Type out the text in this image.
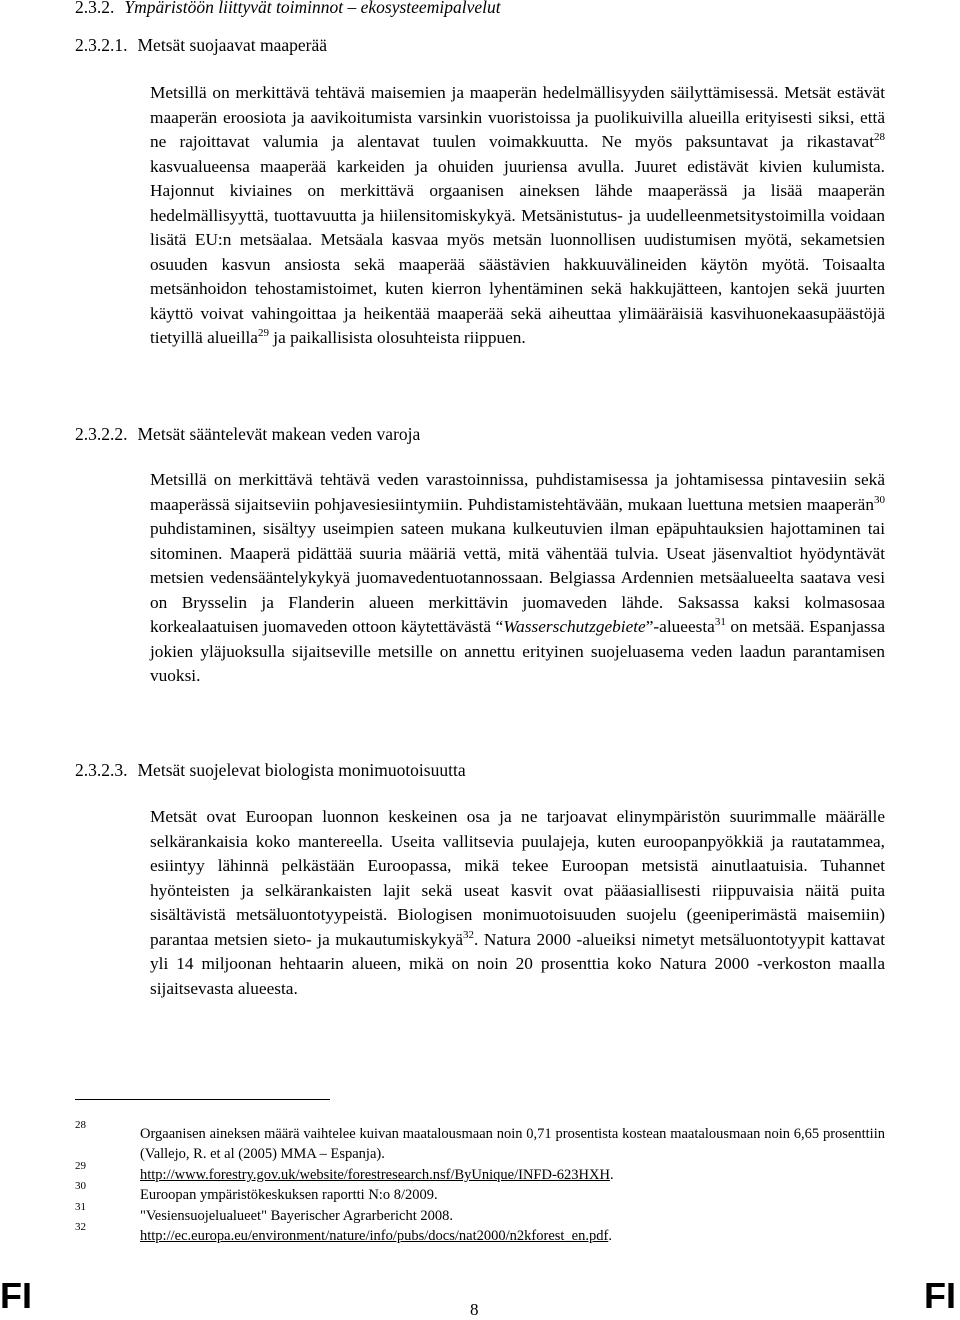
2.3.2. Ympäristöön liittyvät toiminnot – ekosysteemipalvelut
2.3.2.1. Metsät suojaavat maaperää

Metsillä on merkittävä tehtävä maisemien ja maaperän hedelmällisyyden säilyttämisessä. Metsät estävät maaperän eroosiota ja aavikoitumista varsinkin vuoristoissa ja puolikuivilla alueilla erityisesti siksi, että ne rajoittavat valumia ja alentavat tuulen voimakkuutta. Ne myös paksuntavat ja rikastavat$^{28}$ kasvualueensa maaperää karkeiden ja ohuiden juuriensa avulla. Juuret edistävät kivien kulumista. Hajonnut kiviaines on merkittävä orgaanisen aineksen lähde maaperässä ja lisää maaperän hedelmällisyyttä, tuottavuutta ja hiilensitomiskykyä. Metsänistutus- ja uudelleenmetsitystoimilla voidaan lisätä EU:n metsäalaa. Metsäala kasvaa myös metsän luonnollisen uudistumisen myötä, sekametsien osuuden kasvun ansiosta sekä maaperää säästävien hakkuuvälineiden käytön myötä. Toisaalta metsänhoidon tehostamistoimet, kuten kierron lyhentäminen sekä hakkujätteen, kantojen sekä juurten käyttö voivat vahingoittaa ja heikentää maaperää sekä aiheuttaa ylimääräisiä kasvihuonekaasupäästöjä tietyillä alueilla$^{29}$ ja paikallisista olosuhteista riippuen.

2.3.2.2. Metsät sääntelevät makean veden varoja

Metsillä on merkittävä tehtävä veden varastoinnissa, puhdistamisessa ja johtamisessa pintavesiin sekä maaperässä sijaitseviin pohjavesiesiintymiin. Puhdistamistehtävään, mukaan luettuna metsien maaperän$^{30}$ puhdistaminen, sisältyy useimpien sateen mukana kulkeutuvien ilman epäpuhtauksien hajottaminen tai sitominen. Maaperä pidättää suuria määriä vettä, mitä vähentää tulvia. Useat jäsenvaltiot hyödyntävät metsien vedensääntelykykyä juomavedentuotannossaan. Belgiassa Ardennien metsäalueelta saatava vesi on Brysselin ja Flanderin alueen merkittävin juomaveden lähde. Saksassa kaksi kolmasosaa korkealaatuisen juomaveden ottoon käytettävästä “Wasserschutzgebiete”-alueesta$^{31}$ on metsää. Espanjassa jokien yläjuoksulla sijaitseville metsille on annettu erityinen suojeluasema veden laadun parantamisen vuoksi.

2.3.2.3. Metsät suojelevat biologista monimuotoisuutta

Metsät ovat Euroopan luonnon keskeinen osa ja ne tarjoavat elinympäristön suurimmalle määrälle selkärankaisia koko mantereella. Useita vallitsevia puulajeja, kuten euroopanpyökkiä ja rautatammea, esiintyy lähinnä pelkästään Euroopassa, mikä tekee Euroopan metsistä ainutlaatuisia. Tuhannet hyönteisten ja selkärankaisten lajit sekä useat kasvit ovat pääasiallisesti riippuvaisia näitä puita sisältävistä metsäluontotyypeistä. Biologisen monimuotoisuuden suojelu (geeniperimästä maisemiin) parantaa metsien sieto- ja mukautumiskykyä$^{32}$. Natura 2000 -alueiksi nimetyt metsäluontotyypit kattavat yli 14 miljoonan hehtaarin alueen, mikä on noin 20 prosenttia koko Natura 2000 -verkoston maalla sijaitsevasta alueesta.

28
Orgaanisen aineksen määrä vaihtelee kuivan maatalousmaan noin 0,71 prosentista kostean maatalousmaan noin 6,65 prosenttiin (Vallejo, R. et al (2005) MMA – Espanja).
29
http://www.forestry.gov.uk/website/forestresearch.nsf/ByUnique/INFD-623HXH.
30
Euroopan ympäristökeskuksen raportti N:o 8/2009.
31
"Vesiensuojelualueet" Bayerischer Agrarbericht 2008.
32
http://ec.europa.eu/environment/nature/info/pubs/docs/nat2000/n2kforest_en.pdf.
FI	8	FI
